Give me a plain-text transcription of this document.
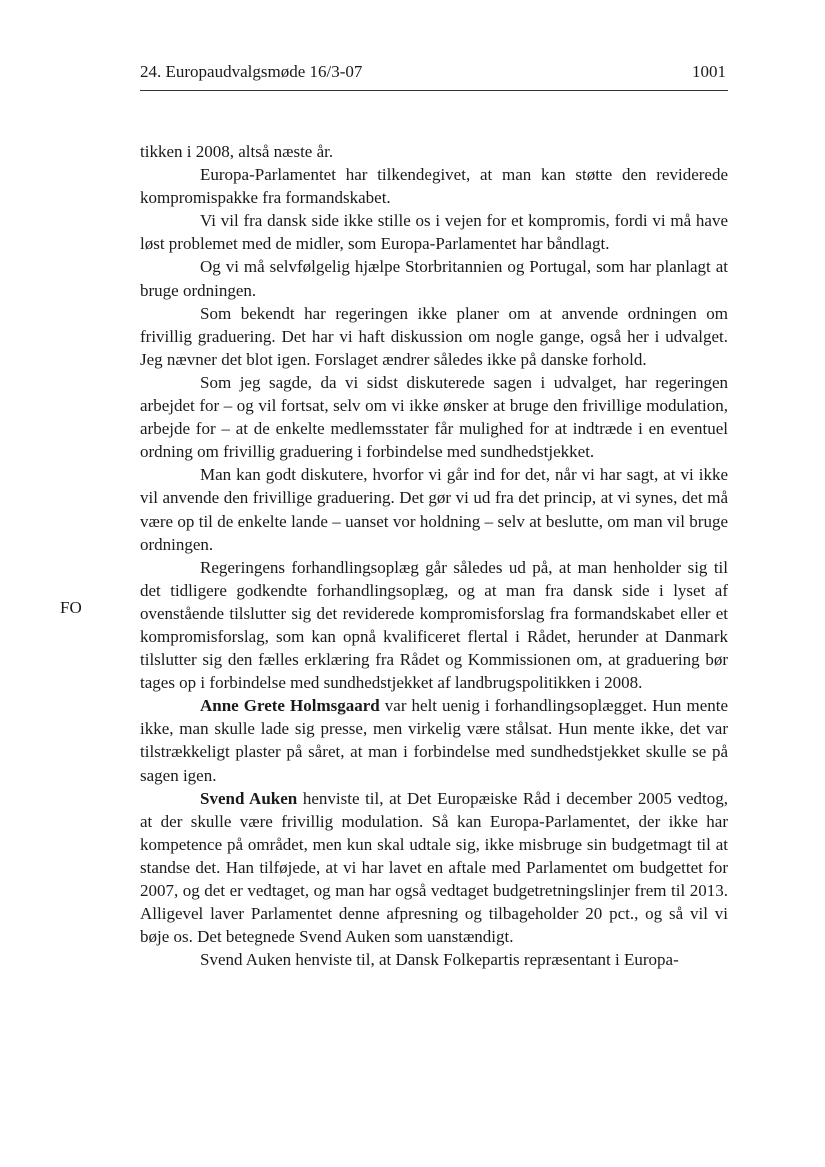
24. Europaudvalgsmøde 16/3-07	1001
FO

tikken i 2008, altså næste år.

Europa-Parlamentet har tilkendegivet, at man kan støtte den reviderede kompromispakke fra formandskabet.

Vi vil fra dansk side ikke stille os i vejen for et kompromis, fordi vi må have løst problemet med de midler, som Europa-Parlamentet har båndlagt.

Og vi må selvfølgelig hjælpe Storbritannien og Portugal, som har planlagt at bruge ordningen.

Som bekendt har regeringen ikke planer om at anvende ordningen om frivillig graduering. Det har vi haft diskussion om nogle gange, også her i udvalget. Jeg nævner det blot igen. Forslaget ændrer således ikke på danske forhold.

Som jeg sagde, da vi sidst diskuterede sagen i udvalget, har regeringen arbejdet for – og vil fortsat, selv om vi ikke ønsker at bruge den frivillige modulation, arbejde for – at de enkelte medlemsstater får mulighed for at indtræde i en eventuel ordning om frivillig graduering i forbindelse med sundhedstjekket.

Man kan godt diskutere, hvorfor vi går ind for det, når vi har sagt, at vi ikke vil anvende den frivillige graduering. Det gør vi ud fra det princip, at vi synes, det må være op til de enkelte lande – uanset vor holdning – selv at beslutte, om man vil bruge ordningen.

Regeringens forhandlingsoplæg går således ud på, at man henholder sig til det tidligere godkendte forhandlingsoplæg, og at man fra dansk side i lyset af ovenstående tilslutter sig det reviderede kompromisforslag fra formandskabet eller et kompromisforslag, som kan opnå kvalificeret flertal i Rådet, herunder at Danmark tilslutter sig den fælles erklæring fra Rådet og Kommissionen om, at graduering bør tages op i forbindelse med sundhedstjekket af landbrugspolitikken i 2008.

Anne Grete Holmsgaard var helt uenig i forhandlingsoplægget. Hun mente ikke, man skulle lade sig presse, men virkelig være stålsat. Hun mente ikke, det var tilstrækkeligt plaster på såret, at man i forbindelse med sundhedstjekket skulle se på sagen igen.

Svend Auken henviste til, at Det Europæiske Råd i december 2005 vedtog, at der skulle være frivillig modulation. Så kan Europa-Parlamentet, der ikke har kompetence på området, men kun skal udtale sig, ikke misbruge sin budgetmagt til at standse det. Han tilføjede, at vi har lavet en aftale med Parlamentet om budgettet for 2007, og det er vedtaget, og man har også vedtaget budgetretningslinjer frem til 2013. Alligevel laver Parlamentet denne afpresning og tilbageholder 20 pct., og så vil vi bøje os. Det betegnede Svend Auken som uanstændigt.

Svend Auken henviste til, at Dansk Folkepartis repræsentant i Europa-
